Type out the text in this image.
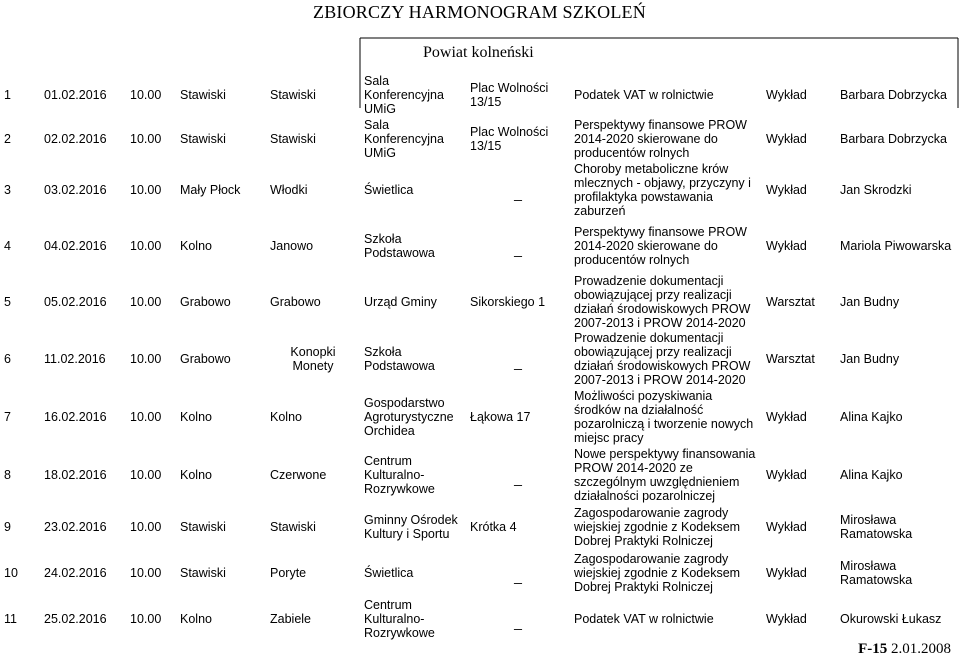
ZBIORCZY HARMONOGRAM SZKOLEŃ
Powiat kolneński

1	01.02.2016	10.00	Stawiski	Stawiski	Sala Konferencyjna UMiG	Plac Wolności 13/15	Podatek VAT w rolnictwie	Wykład	Barbara Dobrzycka
2	02.02.2016	10.00	Stawiski	Stawiski	Sala Konferencyjna UMiG	Plac Wolności 13/15	Perspektywy finansowe PROW 2014-2020 skierowane do producentów rolnych	Wykład	Barbara Dobrzycka
3	03.02.2016	10.00	Mały Płock	Włodki	Świetlica	_	Choroby metaboliczne krów mlecznych - objawy, przyczyny i profilaktyka powstawania zaburzeń	Wykład	Jan Skrodzki
4	04.02.2016	10.00	Kolno	Janowo	Szkoła Podstawowa	_	Perspektywy finansowe PROW 2014-2020 skierowane do producentów rolnych	Wykład	Mariola Piwowarska
5	05.02.2016	10.00	Grabowo	Grabowo	Urząd Gminy	Sikorskiego 1	Prowadzenie dokumentacji obowiązującej przy realizacji działań środowiskowych PROW 2007-2013 i PROW 2014-2020	Warsztat	Jan Budny
6	11.02.2016	10.00	Grabowo	Konopki Monety	Szkoła Podstawowa	_	Prowadzenie dokumentacji obowiązującej przy realizacji działań środowiskowych PROW 2007-2013 i PROW 2014-2020	Warsztat	Jan Budny
7	16.02.2016	10.00	Kolno	Kolno	Gospodarstwo Agroturystyczne Orchidea	Łąkowa 17	Możliwości pozyskiwania środków na działalność pozarolniczą i tworzenie nowych miejsc pracy	Wykład	Alina Kajko
8	18.02.2016	10.00	Kolno	Czerwone	Centrum Kulturalno-Rozrywkowe	_	Nowe perspektywy finansowania PROW 2014-2020 ze szczególnym uwzględnieniem działalności pozarolniczej	Wykład	Alina Kajko
9	23.02.2016	10.00	Stawiski	Stawiski	Gminny Ośrodek Kultury i Sportu	Krótka 4	Zagospodarowanie zagrody wiejskiej zgodnie z Kodeksem Dobrej Praktyki Rolniczej	Wykład	Mirosława Ramatowska
10	24.02.2016	10.00	Stawiski	Poryte	Świetlica	_	Zagospodarowanie zagrody wiejskiej zgodnie z Kodeksem Dobrej Praktyki Rolniczej	Wykład	Mirosława Ramatowska
11	25.02.2016	10.00	Kolno	Zabiele	Centrum Kulturalno-Rozrywkowe	_	Podatek VAT w rolnictwie	Wykład	Okurowski Łukasz
F-15 2.01.2008
